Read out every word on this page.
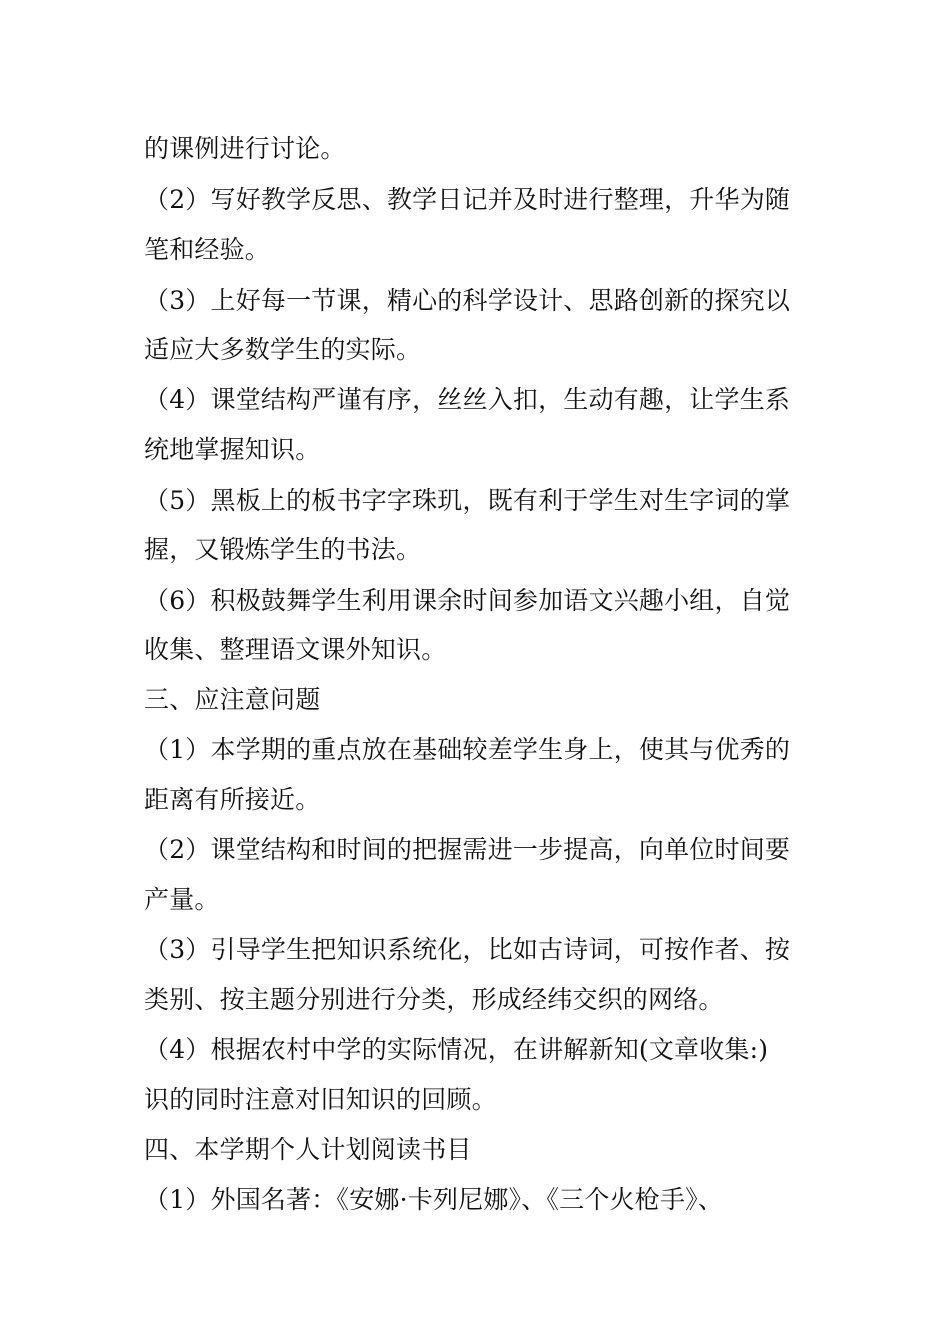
的课例进行讨论。
（2）写好教学反思、教学日记并及时进行整理，升华为随
笔和经验。
（3）上好每一节课，精心的科学设计、思路创新的探究以
适应大多数学生的实际。
（4）课堂结构严谨有序，丝丝入扣，生动有趣，让学生系
统地掌握知识。
（5）黑板上的板书字字珠玑，既有利于学生对生字词的掌
握，又锻炼学生的书法。
（6）积极鼓舞学生利用课余时间参加语文兴趣小组，自觉
收集、整理语文课外知识。
三、应注意问题
（1）本学期的重点放在基础较差学生身上，使其与优秀的
距离有所接近。
（2）课堂结构和时间的把握需进一步提高，向单位时间要
产量。
（3）引导学生把知识系统化，比如古诗词，可按作者、按
类别、按主题分别进行分类，形成经纬交织的网络。
（4）根据农村中学的实际情况，在讲解新知(文章收集:)
识的同时注意对旧知识的回顾。
四、本学期个人计划阅读书目
（1）外国名著：《安娜·卡列尼娜》、《三个火枪手》、
